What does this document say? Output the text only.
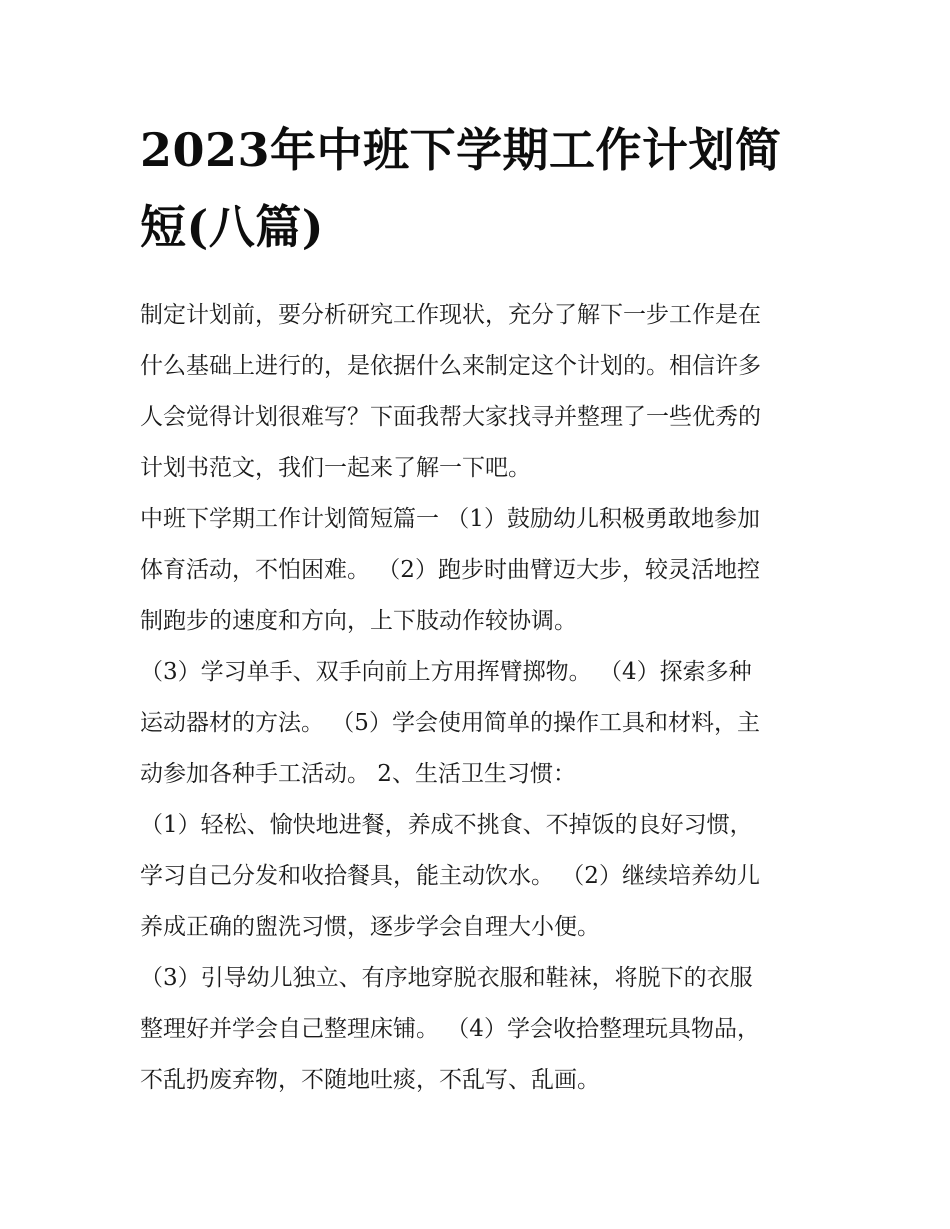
2023年中班下学期工作计划简
短(八篇)

制定计划前，要分析研究工作现状，充分了解下一步工作是在
什么基础上进行的，是依据什么来制定这个计划的。相信许多
人会觉得计划很难写？下面我帮大家找寻并整理了一些优秀的
计划书范文，我们一起来了解一下吧。

中班下学期工作计划简短篇一 （1）鼓励幼儿积极勇敢地参加
体育活动，不怕困难。 （2）跑步时曲臂迈大步，较灵活地控
制跑步的速度和方向，上下肢动作较协调。

（3）学习单手、双手向前上方用挥臂掷物。 （4）探索多种
运动器材的方法。 （5）学会使用简单的操作工具和材料，主
动参加各种手工活动。 2、生活卫生习惯：

（1）轻松、愉快地进餐，养成不挑食、不掉饭的良好习惯，
学习自己分发和收拾餐具，能主动饮水。 （2）继续培养幼儿
养成正确的盥洗习惯，逐步学会自理大小便。

（3）引导幼儿独立、有序地穿脱衣服和鞋袜，将脱下的衣服
整理好并学会自己整理床铺。 （4）学会收拾整理玩具物品，
不乱扔废弃物，不随地吐痰，不乱写、乱画。
